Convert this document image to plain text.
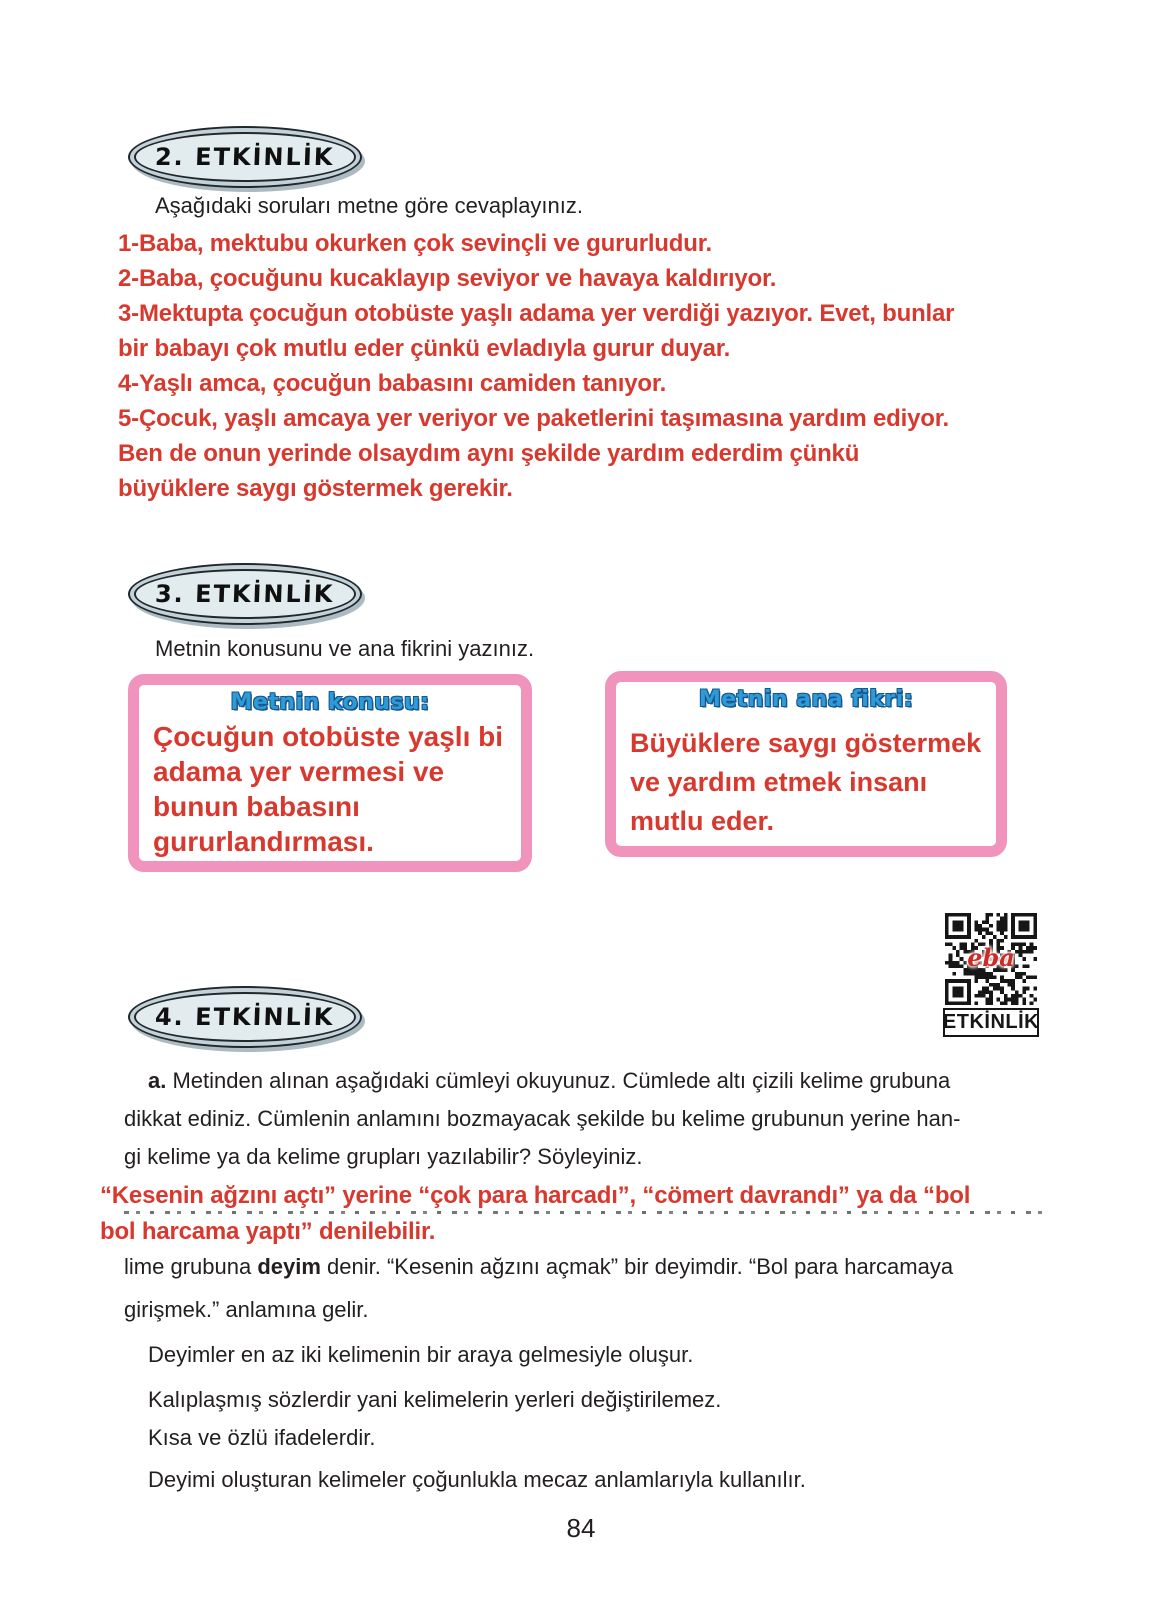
2. ETKİNLİK
Aşağıdaki soruları metne göre cevaplayınız.
1-Baba, mektubu okurken çok sevinçli ve gururludur.
2-Baba, çocuğunu kucaklayıp seviyor ve havaya kaldırıyor.
3-Mektupta çocuğun otobüste yaşlı adama yer verdiği yazıyor. Evet, bunlar
bir babayı çok mutlu eder çünkü evladıyla gurur duyar.
4-Yaşlı amca, çocuğun babasını camiden tanıyor.
5-Çocuk, yaşlı amcaya yer veriyor ve paketlerini taşımasına yardım ediyor.
Ben de onun yerinde olsaydım aynı şekilde yardım ederdim çünkü
büyüklere saygı göstermek gerekir.
3. ETKİNLİK
Metnin konusunu ve ana fikrini yazınız.
Metnin konusu:
Çocuğun otobüste yaşlı bi
adama yer vermesi ve
bunun babasını
gururlandırması.
Metnin ana fikri:
Büyüklere saygı göstermek
ve yardım etmek insanı
mutlu eder.
eba
ETKİNLİK
4. ETKİNLİK
a. Metinden alınan aşağıdaki cümleyi okuyunuz. Cümlede altı çizili kelime grubuna
dikkat ediniz. Cümlenin anlamını bozmayacak şekilde bu kelime grubunun yerine han-
gi kelime ya da kelime grupları yazılabilir? Söyleyiniz.
“Kesenin ağzını açtı” yerine “çok para harcadı”, “cömert davrandı” ya da “bol
bol harcama yaptı” denilebilir.
lime grubuna deyim denir. “Kesenin ağzını açmak” bir deyimdir. “Bol para harcamaya
girişmek.” anlamına gelir.
Deyimler en az iki kelimenin bir araya gelmesiyle oluşur.
Kalıplaşmış sözlerdir yani kelimelerin yerleri değiştirilemez.
Kısa ve özlü ifadelerdir.
Deyimi oluşturan kelimeler çoğunlukla mecaz anlamlarıyla kullanılır.
84
